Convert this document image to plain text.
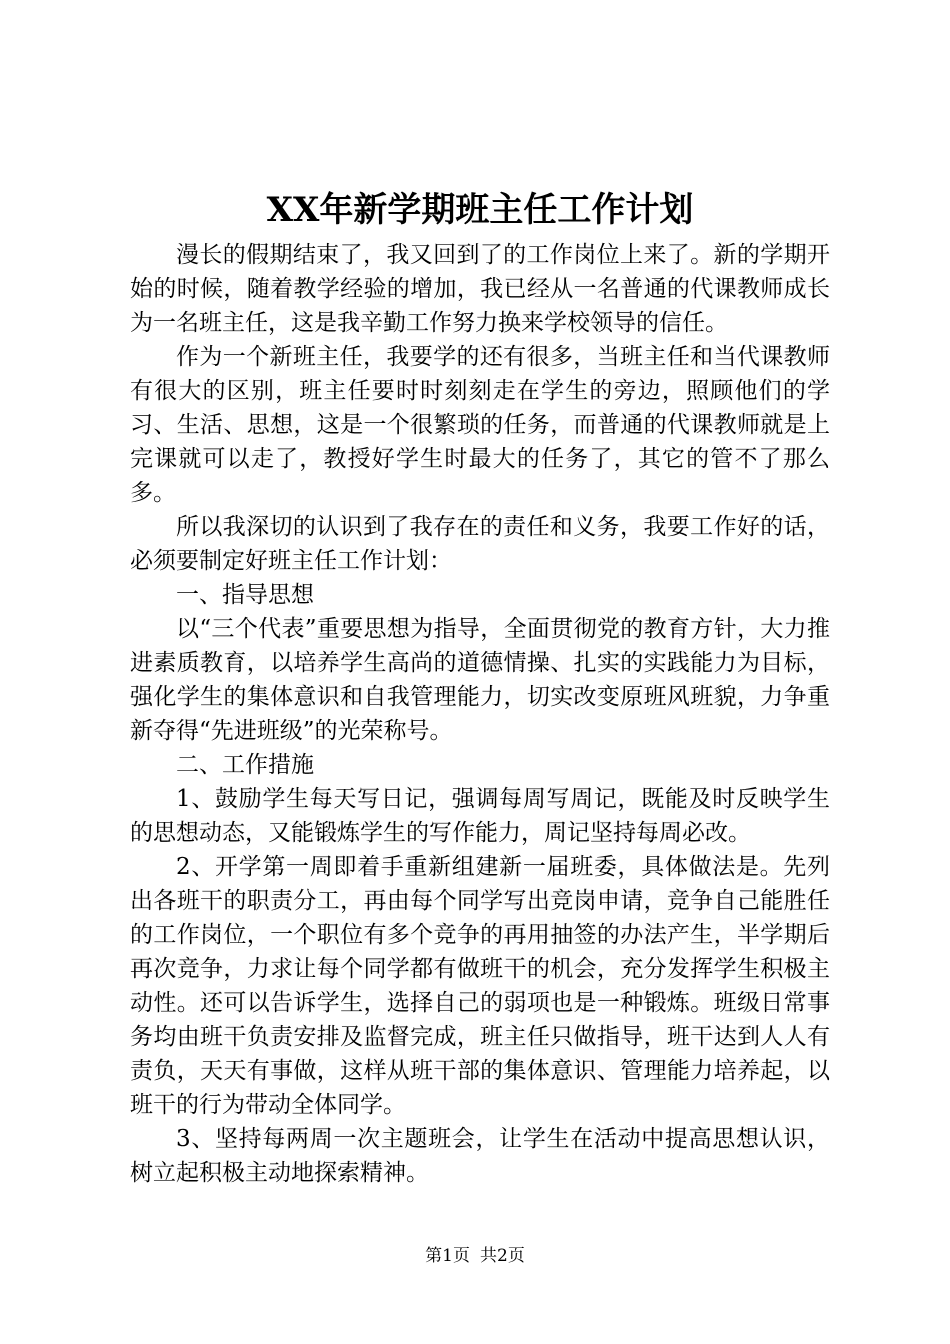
XX年新学期班主任工作计划

漫长的假期结束了，我又回到了的工作岗位上来了。新的学期开始的时候，随着教学经验的增加，我已经从一名普通的代课教师成长为一名班主任，这是我辛勤工作努力换来学校领导的信任。

作为一个新班主任，我要学的还有很多，当班主任和当代课教师有很大的区别，班主任要时时刻刻走在学生的旁边，照顾他们的学习、生活、思想，这是一个很繁琐的任务，而普通的代课教师就是上完课就可以走了，教授好学生时最大的任务了，其它的管不了那么多。

所以我深切的认识到了我存在的责任和义务，我要工作好的话，必须要制定好班主任工作计划：

一、指导思想

以“三个代表”重要思想为指导，全面贯彻党的教育方针，大力推进素质教育，以培养学生高尚的道德情操、扎实的实践能力为目标，强化学生的集体意识和自我管理能力，切实改变原班风班貌，力争重新夺得“先进班级”的光荣称号。

二、工作措施

1、鼓励学生每天写日记，强调每周写周记，既能及时反映学生的思想动态，又能锻炼学生的写作能力，周记坚持每周必改。

2、开学第一周即着手重新组建新一届班委，具体做法是。先列出各班干的职责分工，再由每个同学写出竞岗申请，竞争自己能胜任的工作岗位，一个职位有多个竞争的再用抽签的办法产生，半学期后再次竞争，力求让每个同学都有做班干的机会，充分发挥学生积极主动性。还可以告诉学生，选择自己的弱项也是一种锻炼。班级日常事务均由班干负责安排及监督完成，班主任只做指导，班干达到人人有责负，天天有事做，这样从班干部的集体意识、管理能力培养起，以班干的行为带动全体同学。

3、坚持每两周一次主题班会，让学生在活动中提高思想认识，树立起积极主动地探索精神。

第1页 共2页
